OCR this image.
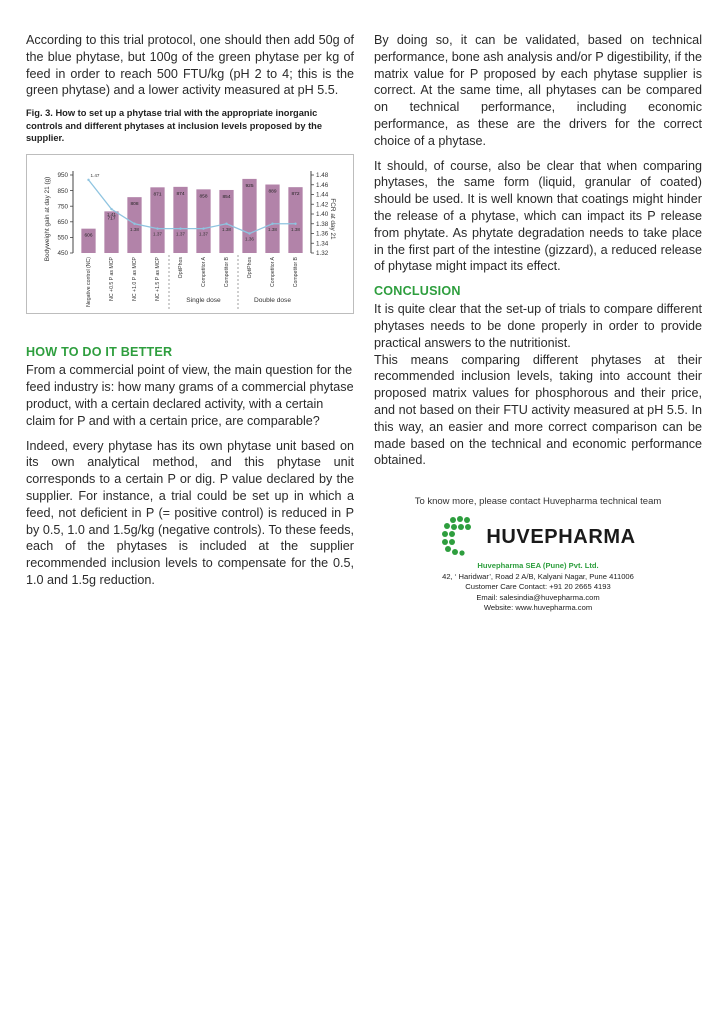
According to this trial protocol, one should then add 50g of the blue phytase, but 100g of the green phytase per kg of feed in order to reach 500 FTU/kg (pH 2 to 4; this is the green phytase) and a lower activity measured at pH 5.5.

Fig. 3. How to set up a phytase trial with the appropriate inorganic controls and different phytases at inclusion levels proposed by the supplier.
Bodyweight gain at day 21 (g)	FCR at day 21
950
850
750
650
550
450
1.48
1.46
1.44
1.42
1.40
1.38
1.36
1.34
1.32
606
717
808
871	874	858	854
925
889
872
1.47
1.41
1.38
1.37	1.37	1.37
1.38
1.36
1.38	1.38
Negative control (NC)	NC +0.5 P as MCP	NC +1.0 P as MCP	NC +1.5 P as MCP	OptiPhos	Competitor A	Competitor B	OptiPhos	Competitor A	Competitor B
Single dose	Double dose
HOW TO DO IT BETTER

From a commercial point of view, the main question for the feed industry is: how many grams of a commercial phytase product, with a certain declared activity, with a certain claim for P and with a certain price, are comparable?

Indeed, every phytase has its own phytase unit based on its own analytical method, and this phytase unit corresponds to a certain P or dig. P value declared by the supplier. For instance, a trial could be set up in which a feed, not deficient in P (= positive control) is reduced in P by 0.5, 1.0 and 1.5g/kg (negative controls). To these feeds, each of the phytases is included at the supplier recommended inclusion levels to compensate for the 0.5, 1.0 and 1.5g reduction.

By doing so, it can be validated, based on technical performance, bone ash analysis and/or P digestibility, if the matrix value for P proposed by each phytase supplier is correct. At the same time, all phytases can be compared on technical performance, including economic performance, as these are the drivers for the correct choice of a phytase.

It should, of course, also be clear that when comparing phytases, the same form (liquid, granular of coated) should be used. It is well known that coatings might hinder the release of a phytase, which can impact its P release from phytate. As phytate degradation needs to take place in the first part of the intestine (gizzard), a reduced release of phytase might impact its effect.

CONCLUSION

It is quite clear that the set-up of trials to compare different phytases needs to be done properly in order to provide practical answers to the nutritionist.

This means comparing different phytases at their recommended inclusion levels, taking into account their proposed matrix values for phosphorous and their price, and not based on their FTU activity measured at pH 5.5. In this way, an easier and more correct comparison can be made based on the technical and economic performance obtained.

To know more, please contact Huvepharma technical team
HUVEPHARMA
Huvepharma SEA (Pune) Pvt. Ltd.
42, ‘ Haridwar’, Road 2 A/B, Kalyani Nagar, Pune 411006
Customer Care Contact: +91 20 2665 4193
Email: salesindia@huvepharma.com
Website: www.huvepharma.com
